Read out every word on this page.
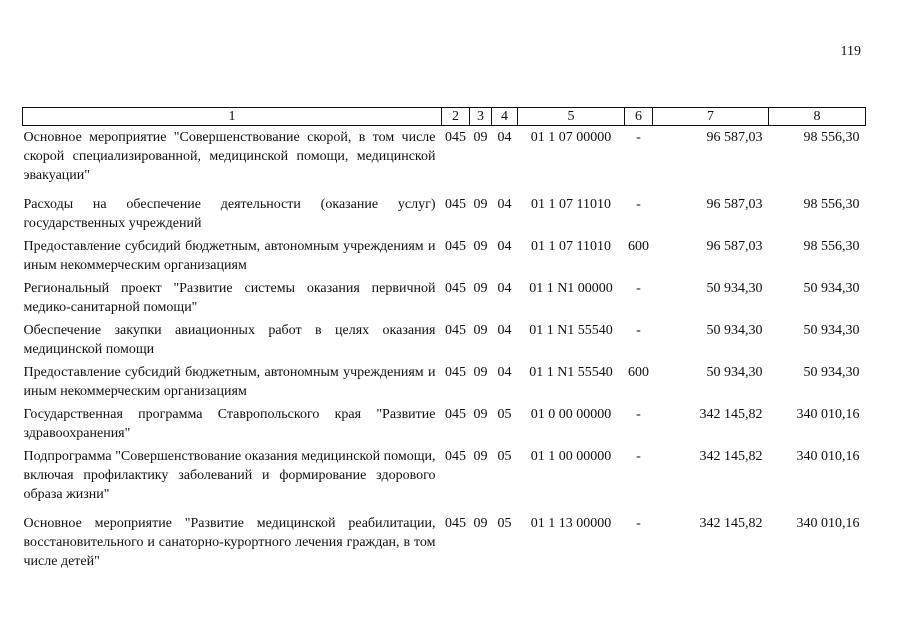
119
1	2	3	4	5	6	7	8
Основное мероприятие "Совершенствование скорой, в том числе скорой специализированной, медицинской помощи, медицинской эвакуации"	045	09	04	01 1 07 00000	-	96 587,03	98 556,30
Расходы на обеспечение деятельности (оказание услуг) государственных учреждений	045	09	04	01 1 07 11010	-	96 587,03	98 556,30
Предоставление субсидий бюджетным, автономным учреждениям и иным некоммерческим организациям	045	09	04	01 1 07 11010	600	96 587,03	98 556,30
Региональный проект "Развитие системы оказания первичной медико-санитарной помощи"	045	09	04	01 1 N1 00000	-	50 934,30	50 934,30
Обеспечение закупки авиационных работ в целях оказания медицинской помощи	045	09	04	01 1 N1 55540	-	50 934,30	50 934,30
Предоставление субсидий бюджетным, автономным учреждениям и иным некоммерческим организациям	045	09	04	01 1 N1 55540	600	50 934,30	50 934,30
Государственная программа Ставропольского края "Развитие здравоохранения"	045	09	05	01 0 00 00000	-	342 145,82	340 010,16
Подпрограмма "Совершенствование оказания медицинской помощи, включая профилактику заболеваний и формирование здорового образа жизни"	045	09	05	01 1 00 00000	-	342 145,82	340 010,16
Основное мероприятие "Развитие медицинской реабилитации, восстановительного и санаторно-курортного лечения граждан, в том числе детей"	045	09	05	01 1 13 00000	-	342 145,82	340 010,16
